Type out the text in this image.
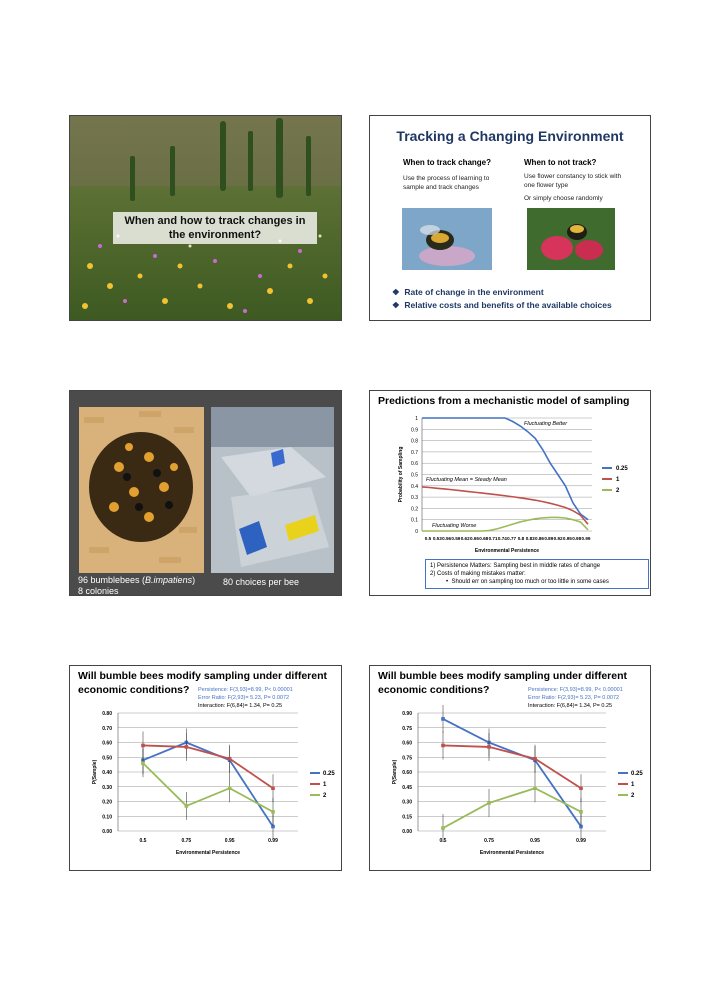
When and how to track changes in the environment?
Tracking a Changing Environment
When to track change?	When to not track?
Use the process of learning to sample and track changes
Use flower constancy to stick with one flower type
Or simply choose randomly
❖  Rate of change in the environment
❖  Relative costs and benefits of the available choices
96 bumblebees (B.impatiens)
8 colonies
80 choices per bee
Predictions from a mechanistic model of sampling
0
0.1
0.2
0.3
0.4
0.5
0.6
0.7
0.8
0.9
1
0.5 0.53 0.56 0.59 0.62 0.65 0.68 0.71 0.74 0.77 0.8 0.83 0.86 0.89 0.92 0.95 0.98 0.99
Environmental Persistence
Probability of Sampling	0.25
1
2
Fluctuating Better
Fluctuating Mean = Steady Mean
Fluctuating Worse
1) Persistence Matters: Sampling best in middle rates of change
2) Costs of making mistakes matter:
•  Should err on sampling too much or too little in some cases
Will bumble bees modify sampling under different
economic conditions?	Persistence: F(3,93)=8.99, P< 0.00001
Error Ratio: F(2,93)= 5.23, P= 0.0072
Interaction: F(6,84)= 1.34, P= 0.25
0.00
0.10
0.20
0.30
0.40
0.50
0.60
0.70
0.80
0.5	0.75	0.95	0.99
Environmental Persistence
P(Sample)	0.25
1
2
Will bumble bees modify sampling under different
economic conditions?	Persistence: F(3,93)=8.99, P< 0.00001
Error Ratio: F(2,93)= 5.23, P= 0.0072
Interaction: F(6,84)= 1.34, P= 0.25
0.00
0.15
0.30
0.45
0.60
0.75
0.60
0.75
0.90
0.5	0.75	0.95	0.99
Environmental Persistence
P(Sample)	0.25
1
2
